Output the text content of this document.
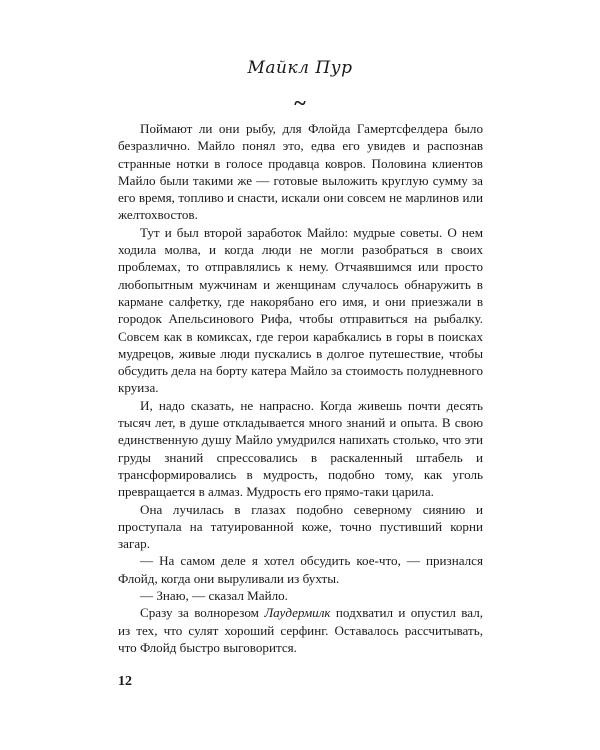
Майкл Пур
~

Поймают ли они рыбу, для Флойда Гамертсфелдера было безразлично. Майло понял это, едва его увидев и распознав странные нотки в голосе продавца ковров. Половина клиентов Майло были такими же — готовые выложить круглую сумму за его время, топливо и снасти, искали они совсем не марлинов или желтохвостов.

Тут и был второй заработок Майло: мудрые советы. О нем ходила молва, и когда люди не могли разобраться в своих проблемах, то отправлялись к нему. Отчаявшимся или просто любопытным мужчинам и женщинам случалось обнаружить в кармане салфетку, где накорябано его имя, и они приезжали в городок Апельсинового Рифа, чтобы отправиться на рыбалку. Совсем как в комиксах, где герои карабкались в горы в поисках мудрецов, живые люди пускались в долгое путешествие, чтобы обсудить дела на борту катера Майло за стоимость полудневного круиза.

И, надо сказать, не напрасно. Когда живешь почти десять тысяч лет, в душе откладывается много знаний и опыта. В свою единственную душу Майло умудрился напихать столько, что эти груды знаний спрессовались в раскаленный штабель и трансформировались в мудрость, подобно тому, как уголь превращается в алмаз. Мудрость его прямо-таки царила.

Она лучилась в глазах подобно северному сиянию и проступала на татуированной коже, точно пустивший корни загар.

— На самом деле я хотел обсудить кое-что, — признался Флойд, когда они выруливали из бухты.

— Знаю, — сказал Майло.

Сразу за волнорезом Лаудермилк подхватил и опустил вал, из тех, что сулят хороший серфинг. Оставалось рассчитывать, что Флойд быстро выговорится.

12
